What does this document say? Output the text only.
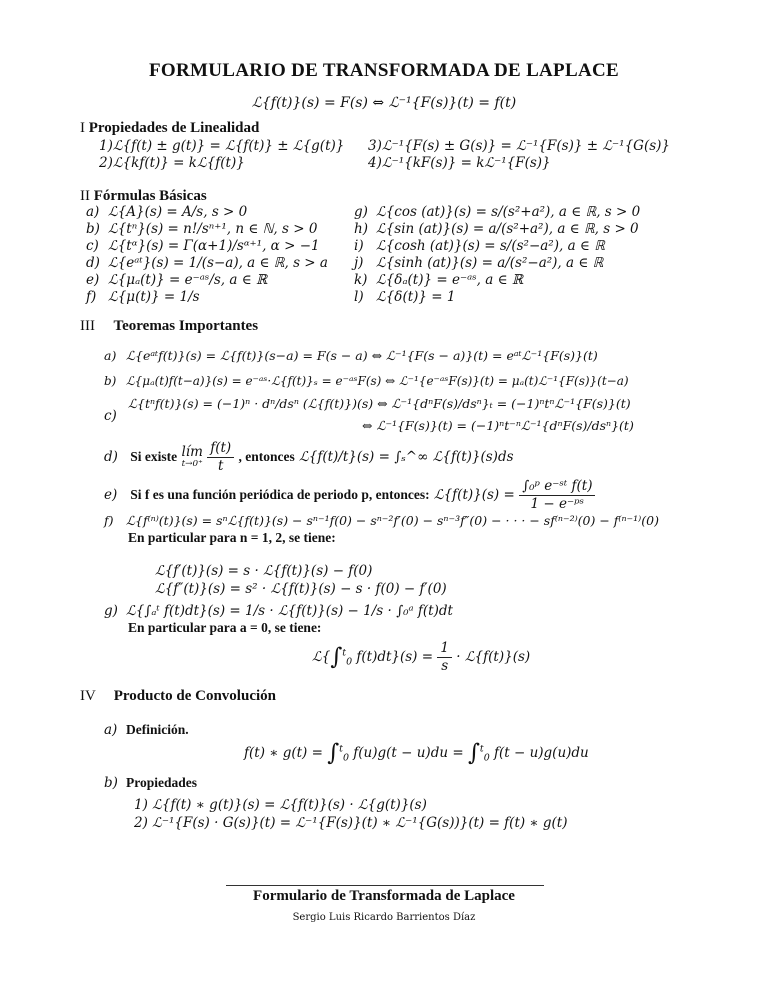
FORMULARIO DE TRANSFORMADA DE LAPLACE
ℒ{f(t)}(s) = F(s) ⇔ ℒ⁻¹{F(s)}(t) = f(t)
I Propiedades de Linealidad
1)ℒ{f(t) ± g(t)} = ℒ{f(t)} ± ℒ{g(t)}
2)ℒ{kf(t)} = kℒ{f(t)}
3)ℒ⁻¹{F(s) ± G(s)} = ℒ⁻¹{F(s)} ± ℒ⁻¹{G(s)}
4)ℒ⁻¹{kF(s)} = kℒ⁻¹{F(s)}
II Fórmulas Básicas
a) ℒ{A}(s) = A/s, s > 0
b) ℒ{tⁿ}(s) = n!/sⁿ⁺¹, n ∈ ℕ, s > 0
c) ℒ{tᵅ}(s) = Γ(α+1)/sᵅ⁺¹, α > −1
d) ℒ{eᵃᵗ}(s) = 1/(s−a), a ∈ ℝ, s > a
e) ℒ{μₐ(t)} = e⁻ᵃˢ/s, a ∈ ℝ
f) ℒ{μ(t)} = 1/s
g) ℒ{cos (at)}(s) = s/(s²+a²), a ∈ ℝ, s > 0
h) ℒ{sin (at)}(s) = a/(s²+a²), a ∈ ℝ, s > 0
i) ℒ{cosh (at)}(s) = s/(s²−a²), a ∈ ℝ
j) ℒ{sinh (at)}(s) = a/(s²−a²), a ∈ ℝ
k) ℒ{δₐ(t)} = e⁻ᵃˢ, a ∈ ℝ
l) ℒ{δ(t)} = 1
III Teoremas Importantes
a) ℒ{eᵃᵗf(t)}(s) = ℒ{f(t)}(s−a) = F(s − a) ⇔ ℒ⁻¹{F(s − a)}(t) = eᵃᵗℒ⁻¹{F(s)}(t)
b) ℒ{μₐ(t)f(t−a)}(s) = e⁻ᵃˢ·ℒ{f(t)}ₛ = e⁻ᵃˢF(s) ⇔ ℒ⁻¹{e⁻ᵃˢF(s)}(t) = μₐ(t)ℒ⁻¹{F(s)}(t−a)
c)
ℒ{tⁿf(t)}(s) = (−1)ⁿ · dⁿ/dsⁿ (ℒ{f(t)})(s) ⇔ ℒ⁻¹{dⁿF(s)/dsⁿ}ₜ = (−1)ⁿtⁿℒ⁻¹{F(s)}(t)
⇔ ℒ⁻¹{F(s)}(t) = (−1)ⁿt⁻ⁿℒ⁻¹{dⁿF(s)/dsⁿ}(t)
d) Si existe lím
t→0⁺
$\frac{f(t)}{t}$ , entonces ℒ{f(t)/t}(s) = ∫ₛ^∞ ℒ{f(t)}(s)ds
e) Si f es una función periódica de periodo p, entonces: ℒ{f(t)}(s) = $\frac{\text{∫₀ᵖ e⁻ˢᵗ f(t)}}{\text{1 − e⁻ᵖˢ}}$
f) ℒ{f⁽ⁿ⁾(t)}(s) = sⁿℒ{f(t)}(s) − sⁿ⁻¹f(0) − sⁿ⁻²f′(0) − sⁿ⁻³f″(0) − · · · − sf⁽ⁿ⁻²⁾(0) − f⁽ⁿ⁻¹⁾(0)
En particular para n = 1, 2, se tiene:
ℒ{f′(t)}(s) = s · ℒ{f(t)}(s) − f(0)
ℒ{f″(t)}(s) = s² · ℒ{f(t)}(s) − s · f(0) − f′(0)
g) ℒ{∫ₐᵗ f(t)dt}(s) = 1/s · ℒ{f(t)}(s) − 1/s · ∫₀ᵃ f(t)dt
En particular para a = 0, se tiene:
ℒ{∫$^t_0$ $f(t)dt\}(s) = \frac{1}{s}$ · ℒ{f(t)}(s)
IV Producto de Convolución
a) Definición.
f(t) ∗ g(t) = ∫$^t_0$ f(u)g(t − u)du = ∫$^t_0$ f(t − u)g(u)du
b) Propiedades
1) ℒ{f(t) ∗ g(t)}(s) = ℒ{f(t)}(s) · ℒ{g(t)}(s)
2) ℒ⁻¹{F(s) · G(s)}(t) = ℒ⁻¹{F(s)}(t) ∗ ℒ⁻¹{G(s))}(t) = f(t) ∗ g(t)
Formulario de Transformada de Laplace
Sergio Luis Ricardo Barrientos Díaz
